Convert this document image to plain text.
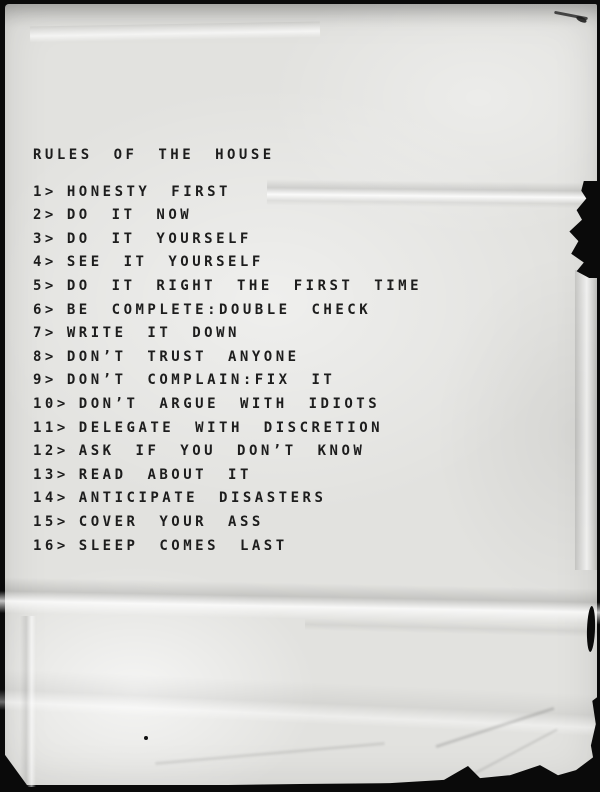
RULES OF THE HOUSE
1> HONESTY FIRST
2> DO IT NOW
3> DO IT YOURSELF
4> SEE IT YOURSELF
5> DO IT RIGHT THE FIRST TIME
6> BE COMPLETE:DOUBLE CHECK
7> WRITE IT DOWN
8> DON’T TRUST ANYONE
9> DON’T COMPLAIN:FIX IT
10> DON’T ARGUE WITH IDIOTS
11> DELEGATE WITH DISCRETION
12> ASK IF YOU DON’T KNOW
13> READ ABOUT IT
14> ANTICIPATE DISASTERS
15> COVER YOUR ASS
16> SLEEP COMES LAST
